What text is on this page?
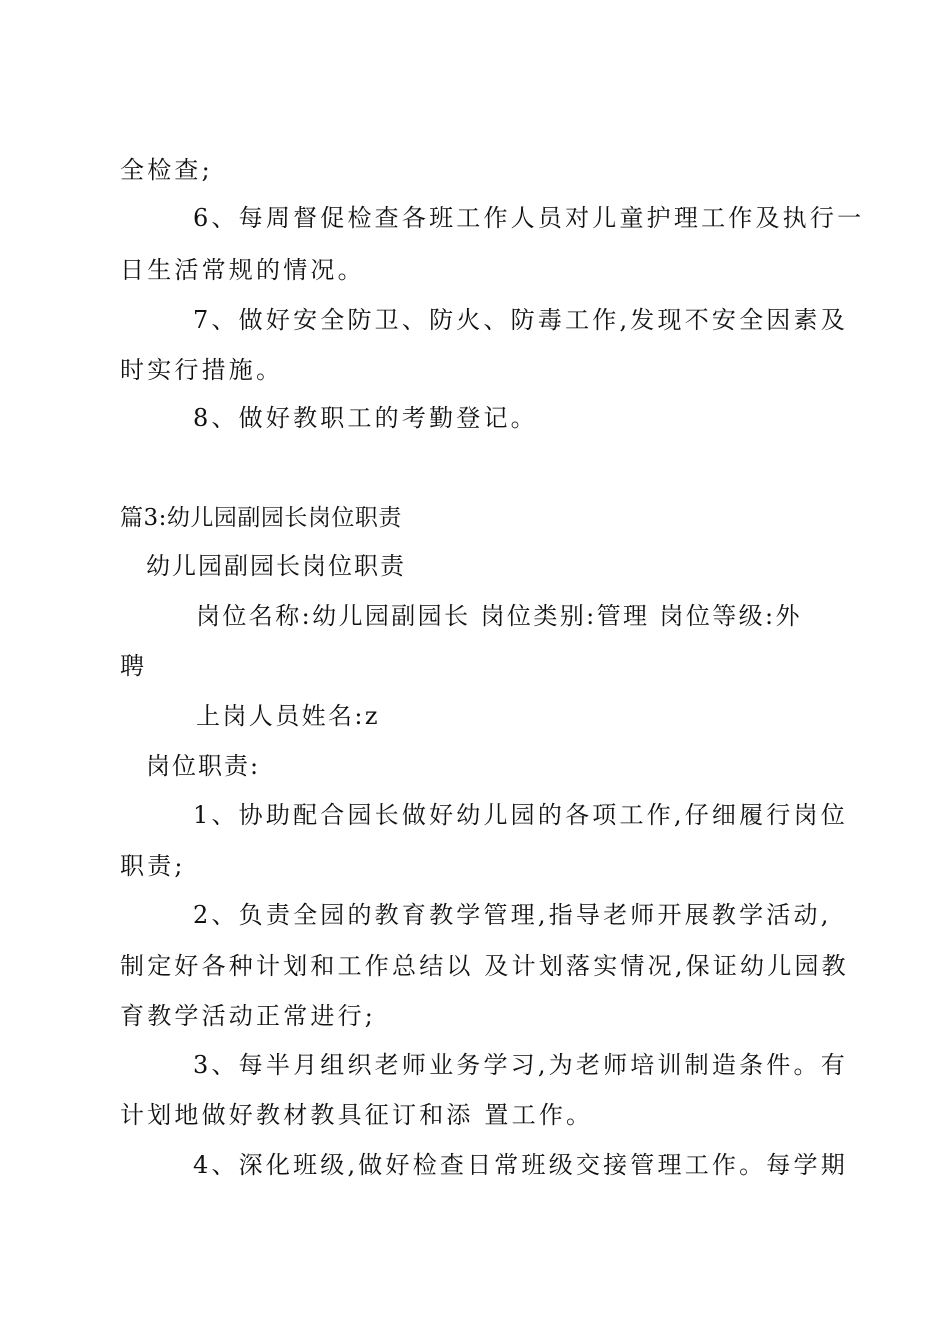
全检查;
6、每周督促检查各班工作人员对儿童护理工作及执行一
日生活常规的情况。
7、做好安全防卫、防火、防毒工作,发现不安全因素及
时实行措施。
8、做好教职工的考勤登记。
篇3:幼儿园副园长岗位职责
幼儿园副园长岗位职责
岗位名称:幼儿园副园长 岗位类别:管理 岗位等级:外
聘
上岗人员姓名:z
岗位职责:
1、协助配合园长做好幼儿园的各项工作,仔细履行岗位
职责;
2、负责全园的教育教学管理,指导老师开展教学活动,
制定好各种计划和工作总结以 及计划落实情况,保证幼儿园教
育教学活动正常进行;
3、每半月组织老师业务学习,为老师培训制造条件。有
计划地做好教材教具征订和添 置工作。
4、深化班级,做好检查日常班级交接管理工作。每学期
